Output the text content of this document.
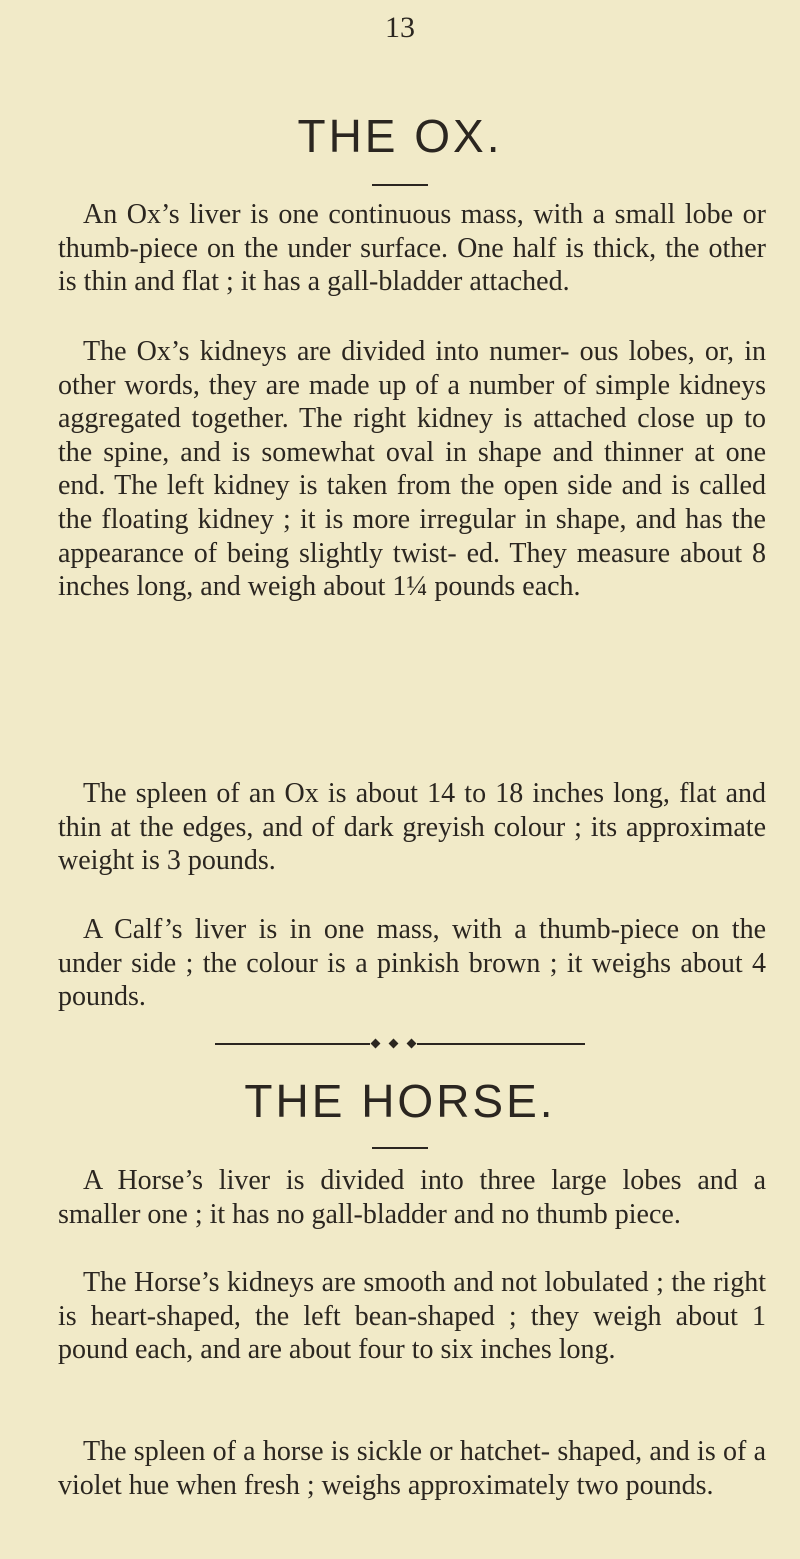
13
THE OX.

An Ox’s liver is one continuous mass, with a small lobe or thumb-piece on the under surface. One half is thick, the other is thin and flat ; it has a gall-bladder attached.

The Ox’s kidneys are divided into numer- ous lobes, or, in other words, they are made up of a number of simple kidneys aggregated together. The right kidney is attached close up to the spine, and is somewhat oval in shape and thinner at one end. The left kidney is taken from the open side and is called the floating kidney ; it is more irregular in shape, and has the appearance of being slightly twist- ed. They measure about 8 inches long, and weigh about 1¼ pounds each.

The spleen of an Ox is about 14 to 18 inches long, flat and thin at the edges, and of dark greyish colour ; its approximate weight is 3 pounds.

A Calf’s liver is in one mass, with a thumb-piece on the under side ; the colour is a pinkish brown ; it weighs about 4 pounds.

THE HORSE.

A Horse’s liver is divided into three large lobes and a smaller one ; it has no gall-bladder and no thumb piece.

The Horse’s kidneys are smooth and not lobulated ; the right is heart-shaped, the left bean-shaped ; they weigh about 1 pound each, and are about four to six inches long.

The spleen of a horse is sickle or hatchet- shaped, and is of a violet hue when fresh ; weighs approximately two pounds.
